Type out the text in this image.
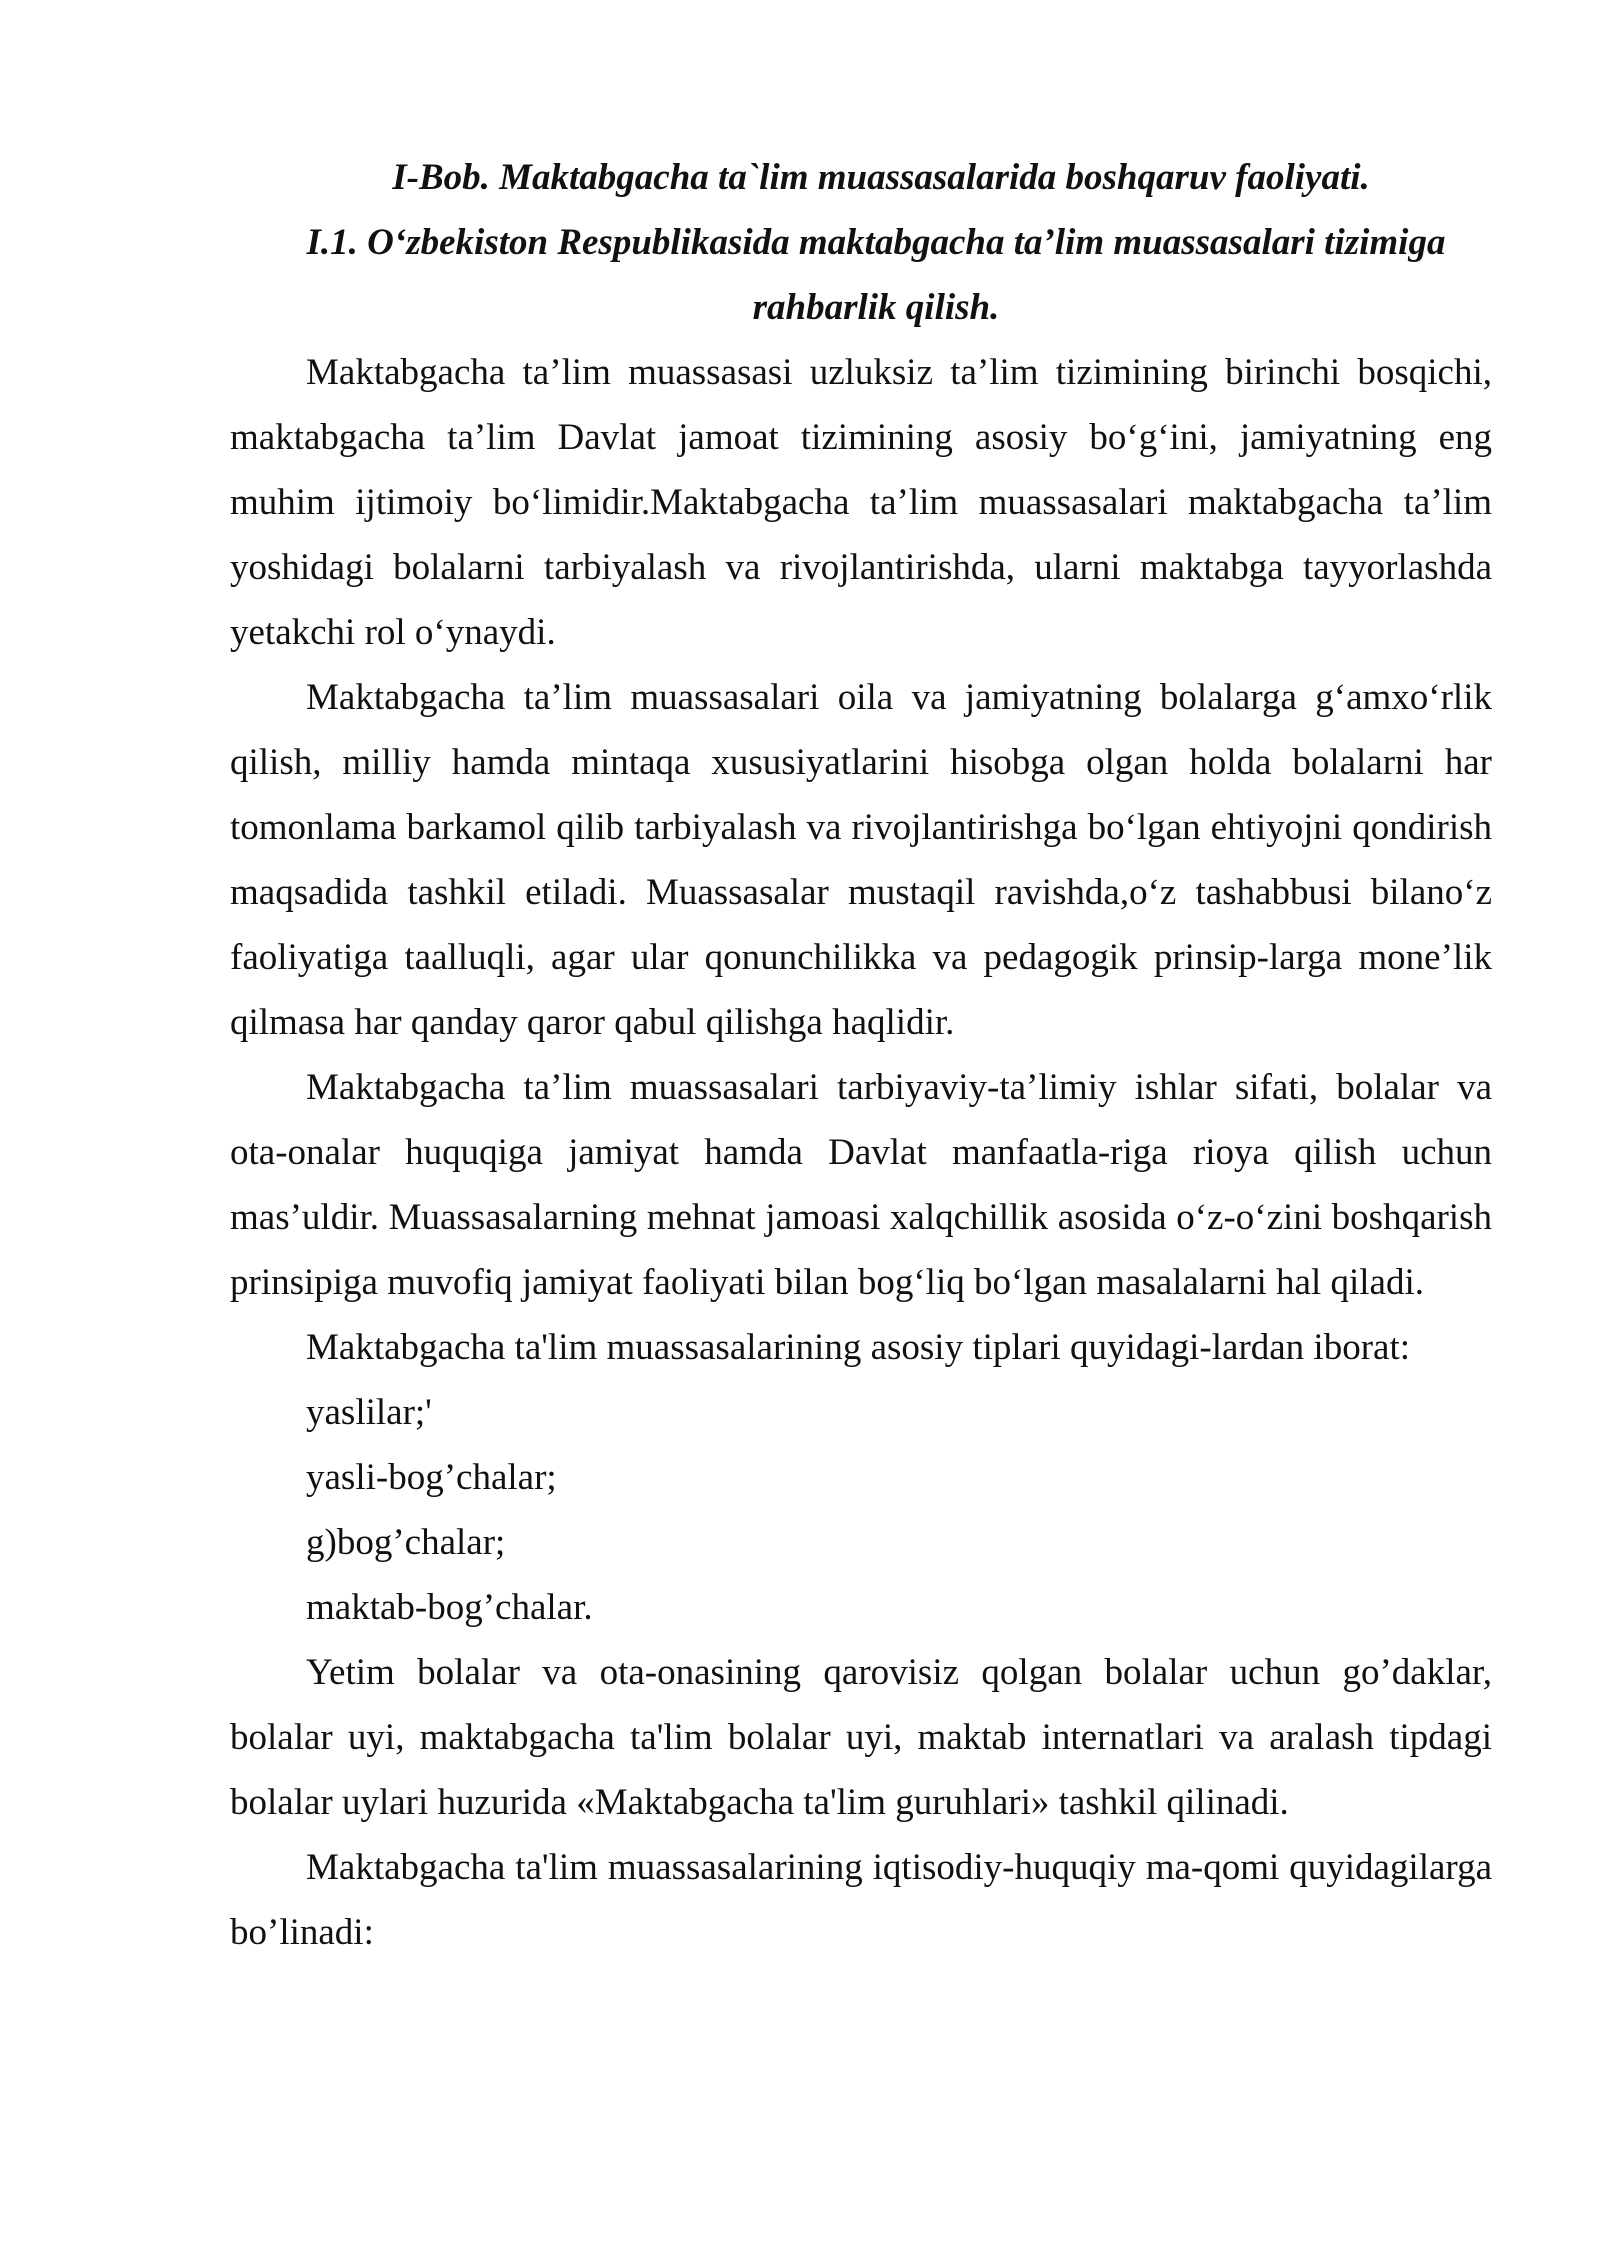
I-Bob. Maktabgacha ta`lim muassasalarida boshqaruv faoliyati.

I.1. O‘zbekiston Respublikasida maktabgacha ta’lim muassasalari tizimiga rahbarlik qilish.

Maktabgacha ta’lim muassasasi uzluksiz ta’lim tizimining birinchi bosqichi, maktabgacha ta’lim Davlat jamoat tizimining asosiy bo‘g‘ini, jamiyatning eng muhim ijtimoiy bo‘limidir.Maktabgacha ta’lim muassasalari maktabgacha ta’lim yoshidagi bolalarni tarbiyalash va rivojlantirishda, ularni maktabga tayyorlashda yetakchi rol o‘ynaydi.

Maktabgacha ta’lim muassasalari oila va jamiyatning bolalarga g‘amxo‘rlik qilish, milliy hamda mintaqa xususiyatlarini hisobga olgan holda bolalarni har tomonlama barkamol qilib tarbiyalash va rivojlantirishga bo‘lgan ehtiyojni qondirish maqsadida tashkil etiladi. Muassasalar mustaqil ravishda,o‘z tashabbusi bilano‘z faoliyatiga taalluqli, agar ular qonunchilikka va pedagogik prinsip-larga mone’lik qilmasa har qanday qaror qabul qilishga haqlidir.

Maktabgacha ta’lim muassasalari tarbiyaviy-ta’limiy ishlar sifati, bolalar va ota-onalar huquqiga jamiyat hamda Davlat manfaatla-riga rioya qilish uchun mas’uldir. Muassasalarning mehnat jamoasi xalqchillik asosida o‘z-o‘zini boshqarish prinsipiga muvofiq jamiyat faoliyati bilan bog‘liq bo‘lgan masalalarni hal qiladi.

Maktabgacha ta'lim muassasalarining asosiy tiplari quyidagi-lardan iborat:

yaslilar;'
yasli-bog’chalar;
g)bog’chalar;
maktab-bog’chalar.

Yetim bolalar va ota-onasining qarovisiz qolgan bolalar uchun go’daklar, bolalar uyi, maktabgacha ta'lim bolalar uyi, maktab internatlari va aralash tipdagi bolalar uylari huzurida «Maktabgacha ta'lim guruhlari» tashkil qilinadi.

Maktabgacha ta'lim muassasalarining iqtisodiy-huquqiy ma-qomi quyidagilarga bo’linadi:
